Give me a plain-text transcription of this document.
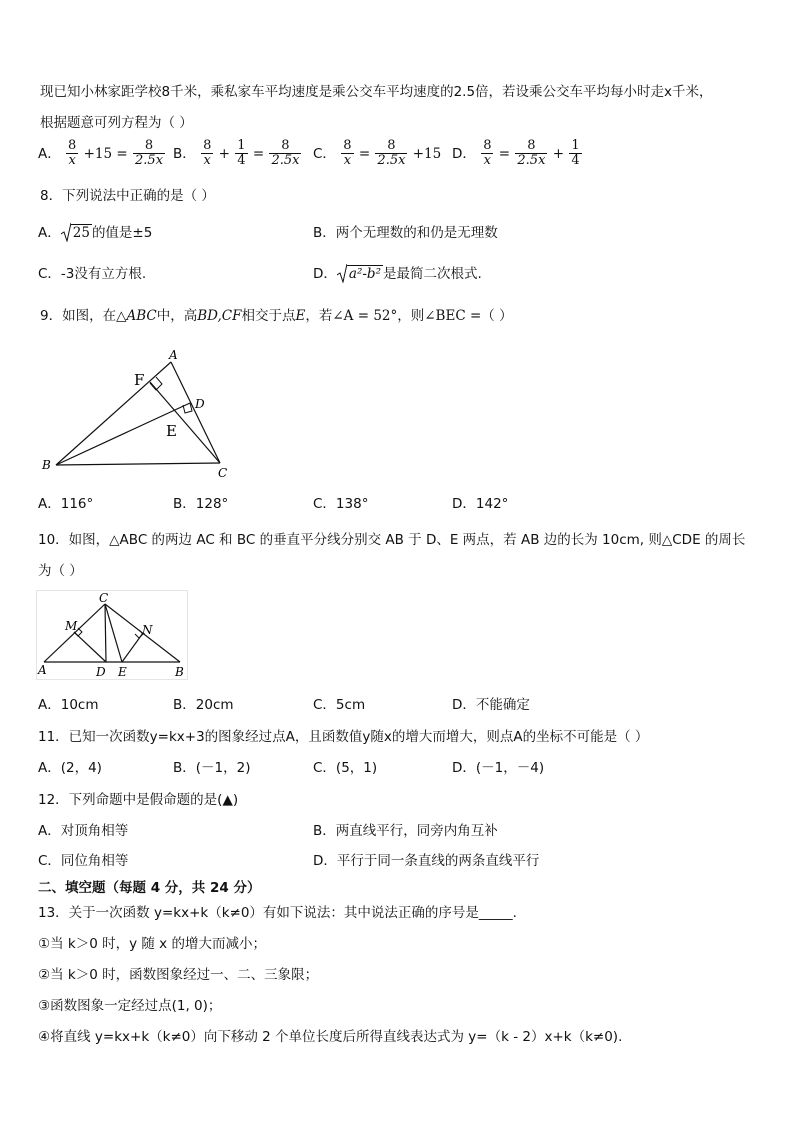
现已知小林家距学校8千米，乘私家车平均速度是乘公交车平均速度的2.5倍，若设乘公交车平均每小时走x千米，
根据题意可列方程为（ ）
A． $\frac{8}{x} +15 = \frac{8}{2.5x}$ B． $\frac{8}{x} + \frac{1}{4} = \frac{8}{2.5x}$ C． $\frac{8}{x} = \frac{8}{2.5x} +15$ D． $\frac{8}{x} = \frac{8}{2.5x} + \frac{1}{4}$
8．下列说法中正确的是（ ）
A． 25 的值是±5	B．两个无理数的和仍是无理数
C．-3没有立方根.	D． a²-b² 是最简二次根式.
9．如图，在△ABC中，高BD,CF相交于点E，若∠A = 52°，则∠BEC =（ ）
A
F
D
E
B
C
A．116°	B．128°	C．138°	D．142°
10．如图，△ABC 的两边 AC 和 BC 的垂直平分线分别交 AB 于 D、E 两点，若 AB 边的长为 10cm, 则△CDE 的周长
为（ ）
C
M	N
A	D E	B
A．10cm	B．20cm	C．5cm	D．不能确定
11．已知一次函数y=kx+3的图象经过点A，且函数值y随x的增大而增大，则点A的坐标不可能是（ ）
A．(2，4)	B．(－1，2)	C．(5，1)	D．(－1，－4)
12．下列命题中是假命题的是(▲)
A．对顶角相等	B．两直线平行，同旁内角互补
C．同位角相等	D．平行于同一条直线的两条直线平行
二、填空题（每题 4 分，共 24 分）
13．关于一次函数 y=kx+k（k≠0）有如下说法：其中说法正确的序号是_____.
①当 k＞0 时，y 随 x 的增大而减小；
②当 k＞0 时，函数图象经过一、二、三象限；
③函数图象一定经过点(1, 0)；
④将直线 y=kx+k（k≠0）向下移动 2 个单位长度后所得直线表达式为 y=（k - 2）x+k（k≠0).
